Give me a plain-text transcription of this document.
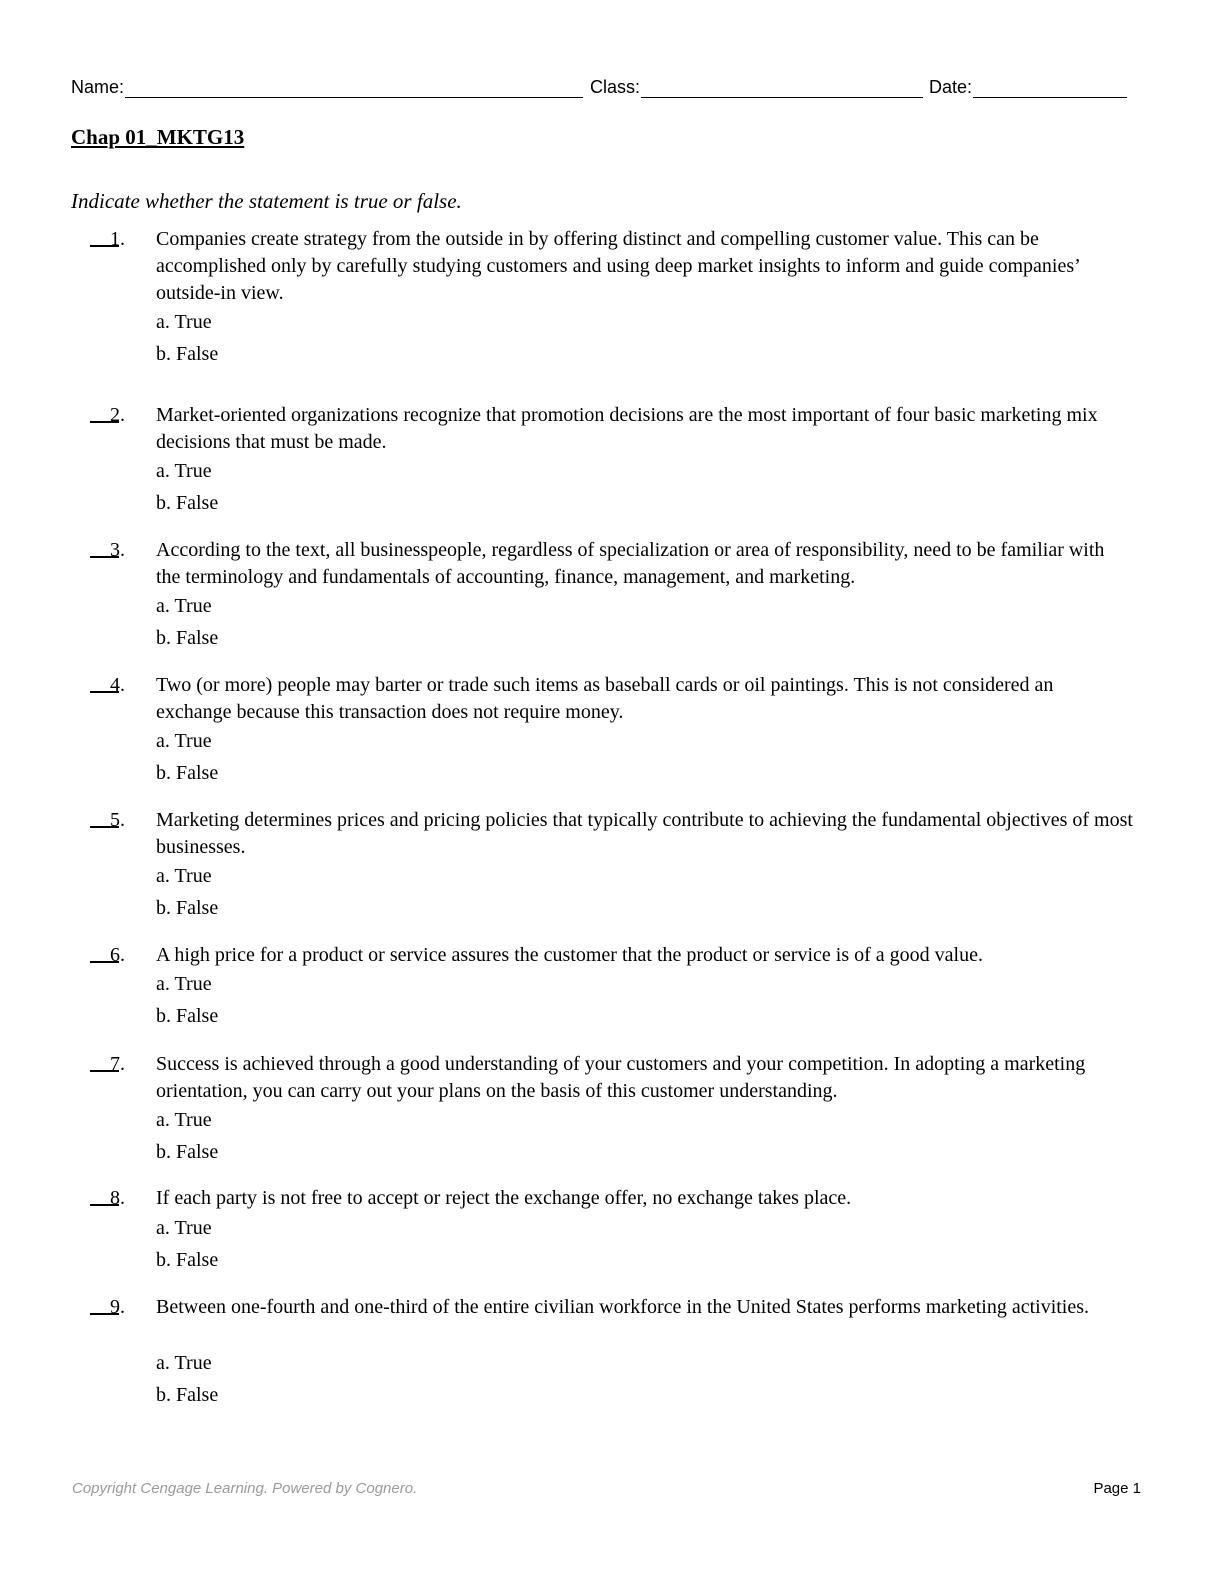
Name:	Class:	Date:
Chap 01_MKTG13
Indicate whether the statement is true or false.
1. Companies create strategy from the outside in by offering distinct and compelling customer value. This can be accomplished only by carefully studying customers and using deep market insights to inform and guide companies’ outside-in view.
a. True
b. False
2. Market-oriented organizations recognize that promotion decisions are the most important of four basic marketing mix decisions that must be made.
a. True
b. False
3. According to the text, all businesspeople, regardless of specialization or area of responsibility, need to be familiar with the terminology and fundamentals of accounting, finance, management, and marketing.
a. True
b. False
4. Two (or more) people may barter or trade such items as baseball cards or oil paintings. This is not considered an exchange because this transaction does not require money.
a. True
b. False
5. Marketing determines prices and pricing policies that typically contribute to achieving the fundamental objectives of most businesses.
a. True
b. False
6. A high price for a product or service assures the customer that the product or service is of a good value.
a. True
b. False
7. Success is achieved through a good understanding of your customers and your competition. In adopting a marketing orientation, you can carry out your plans on the basis of this customer understanding.
a. True
b. False
8. If each party is not free to accept or reject the exchange offer, no exchange takes place.
a. True
b. False
9. Between one-fourth and one-third of the entire civilian workforce in the United States performs marketing activities.
a. True
b. False
Copyright Cengage Learning. Powered by Cognero.	Page 1
